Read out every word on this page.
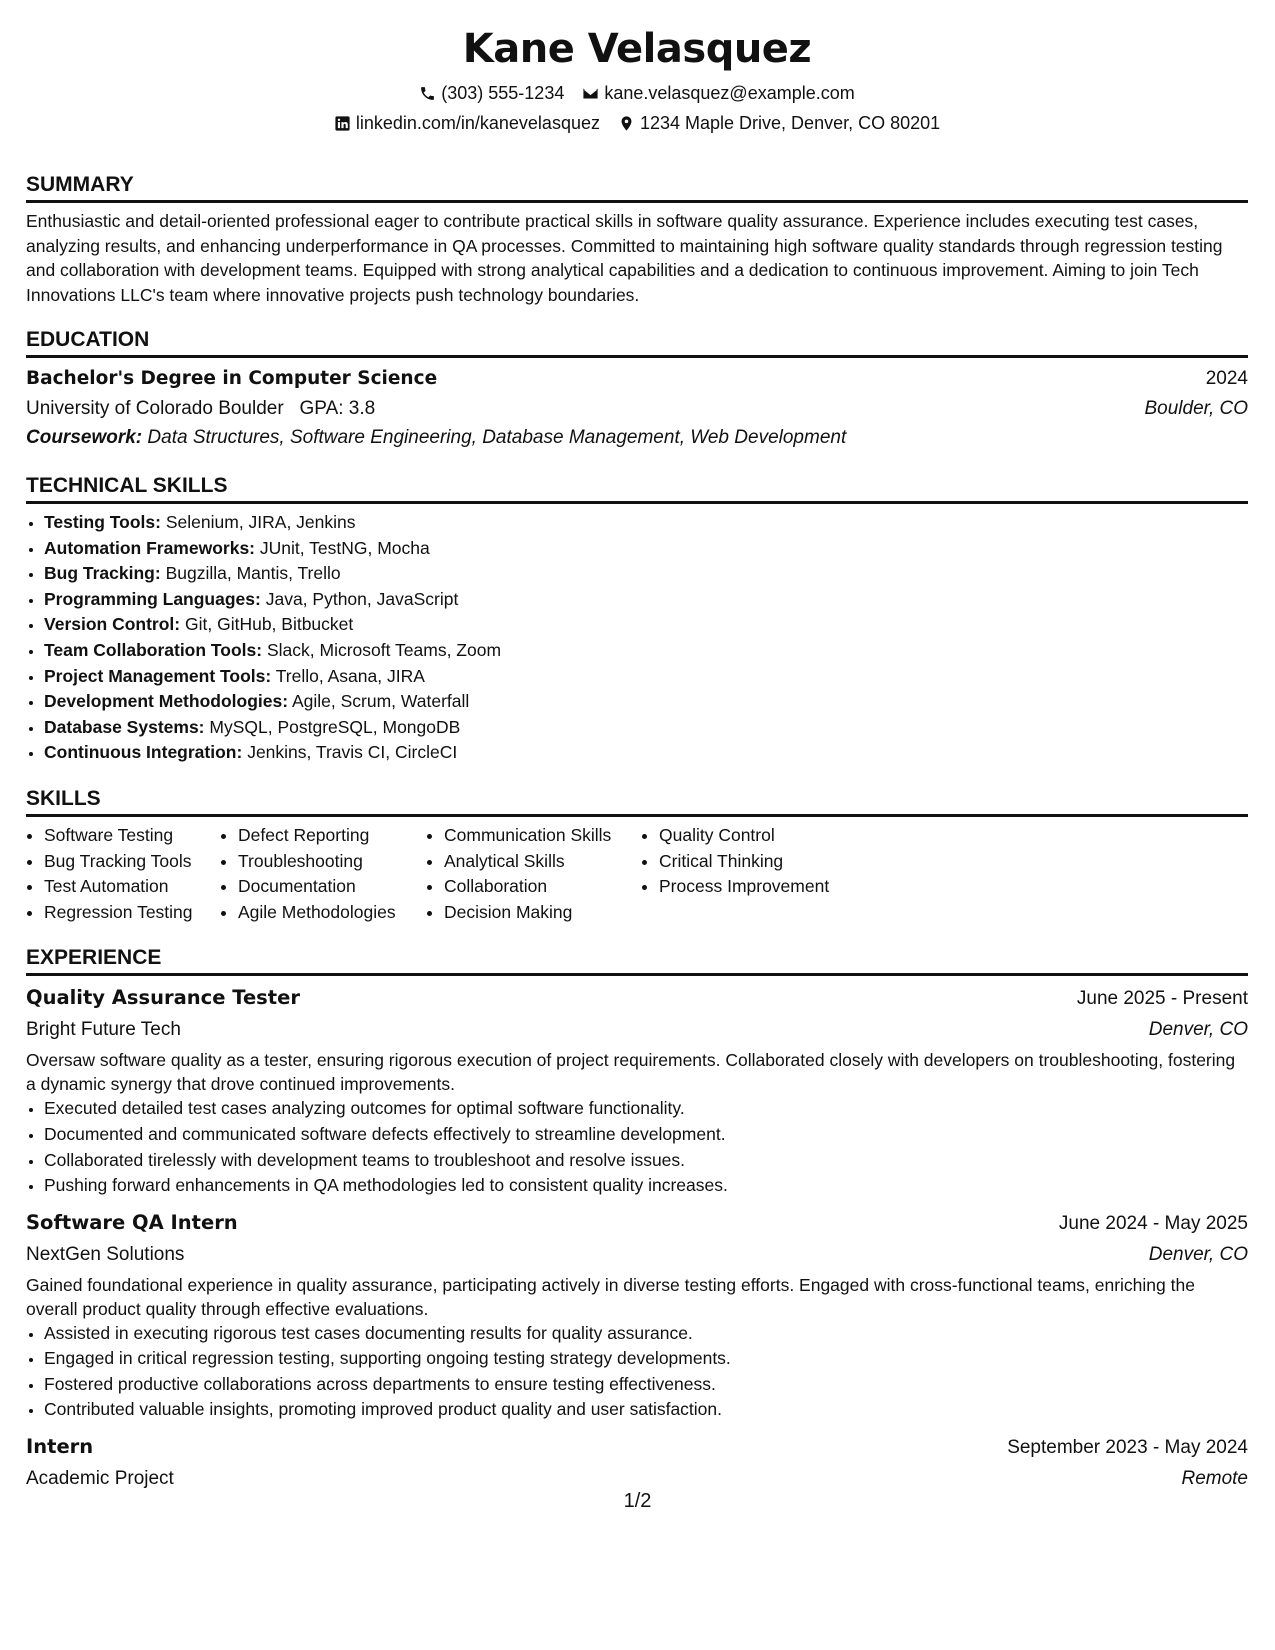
Kane Velasquez
(303) 555-1234 kane.velasquez@example.com
linkedin.com/in/kanevelasquez 1234 Maple Drive, Denver, CO 80201
SUMMARY

Enthusiastic and detail-oriented professional eager to contribute practical skills in software quality assurance. Experience includes executing test cases, analyzing results, and enhancing underperformance in QA processes. Committed to maintaining high software quality standards through regression testing and collaboration with development teams. Equipped with strong analytical capabilities and a dedication to continuous improvement. Aiming to join Tech Innovations LLC's team where innovative projects push technology boundaries.

EDUCATION
Bachelor's Degree in Computer Science	2024
University of Colorado Boulder GPA: 3.8	Boulder, CO
Coursework: Data Structures, Software Engineering, Database Management, Web Development
TECHNICAL SKILLS
• Testing Tools: Selenium, JIRA, Jenkins
• Automation Frameworks: JUnit, TestNG, Mocha
• Bug Tracking: Bugzilla, Mantis, Trello
• Programming Languages: Java, Python, JavaScript
• Version Control: Git, GitHub, Bitbucket
• Team Collaboration Tools: Slack, Microsoft Teams, Zoom
• Project Management Tools: Trello, Asana, JIRA
• Development Methodologies: Agile, Scrum, Waterfall
• Database Systems: MySQL, PostgreSQL, MongoDB
• Continuous Integration: Jenkins, Travis CI, CircleCI
SKILLS
• Software Testing
• Bug Tracking Tools
• Test Automation
• Regression Testing
• Defect Reporting
• Troubleshooting
• Documentation
• Agile Methodologies
• Communication Skills
• Analytical Skills
• Collaboration
• Decision Making
• Quality Control
• Critical Thinking
• Process Improvement
EXPERIENCE
Quality Assurance Tester	June 2025 - Present
Bright Future Tech	Denver, CO

Oversaw software quality as a tester, ensuring rigorous execution of project requirements. Collaborated closely with developers on troubleshooting, fostering a dynamic synergy that drove continued improvements.

• Executed detailed test cases analyzing outcomes for optimal software functionality.
• Documented and communicated software defects effectively to streamline development.
• Collaborated tirelessly with development teams to troubleshoot and resolve issues.
• Pushing forward enhancements in QA methodologies led to consistent quality increases.
Software QA Intern	June 2024 - May 2025
NextGen Solutions	Denver, CO

Gained foundational experience in quality assurance, participating actively in diverse testing efforts. Engaged with cross-functional teams, enriching the overall product quality through effective evaluations.

• Assisted in executing rigorous test cases documenting results for quality assurance.
• Engaged in critical regression testing, supporting ongoing testing strategy developments.
• Fostered productive collaborations across departments to ensure testing effectiveness.
• Contributed valuable insights, promoting improved product quality and user satisfaction.
Intern	September 2023 - May 2024
Academic Project	Remote
1/2
